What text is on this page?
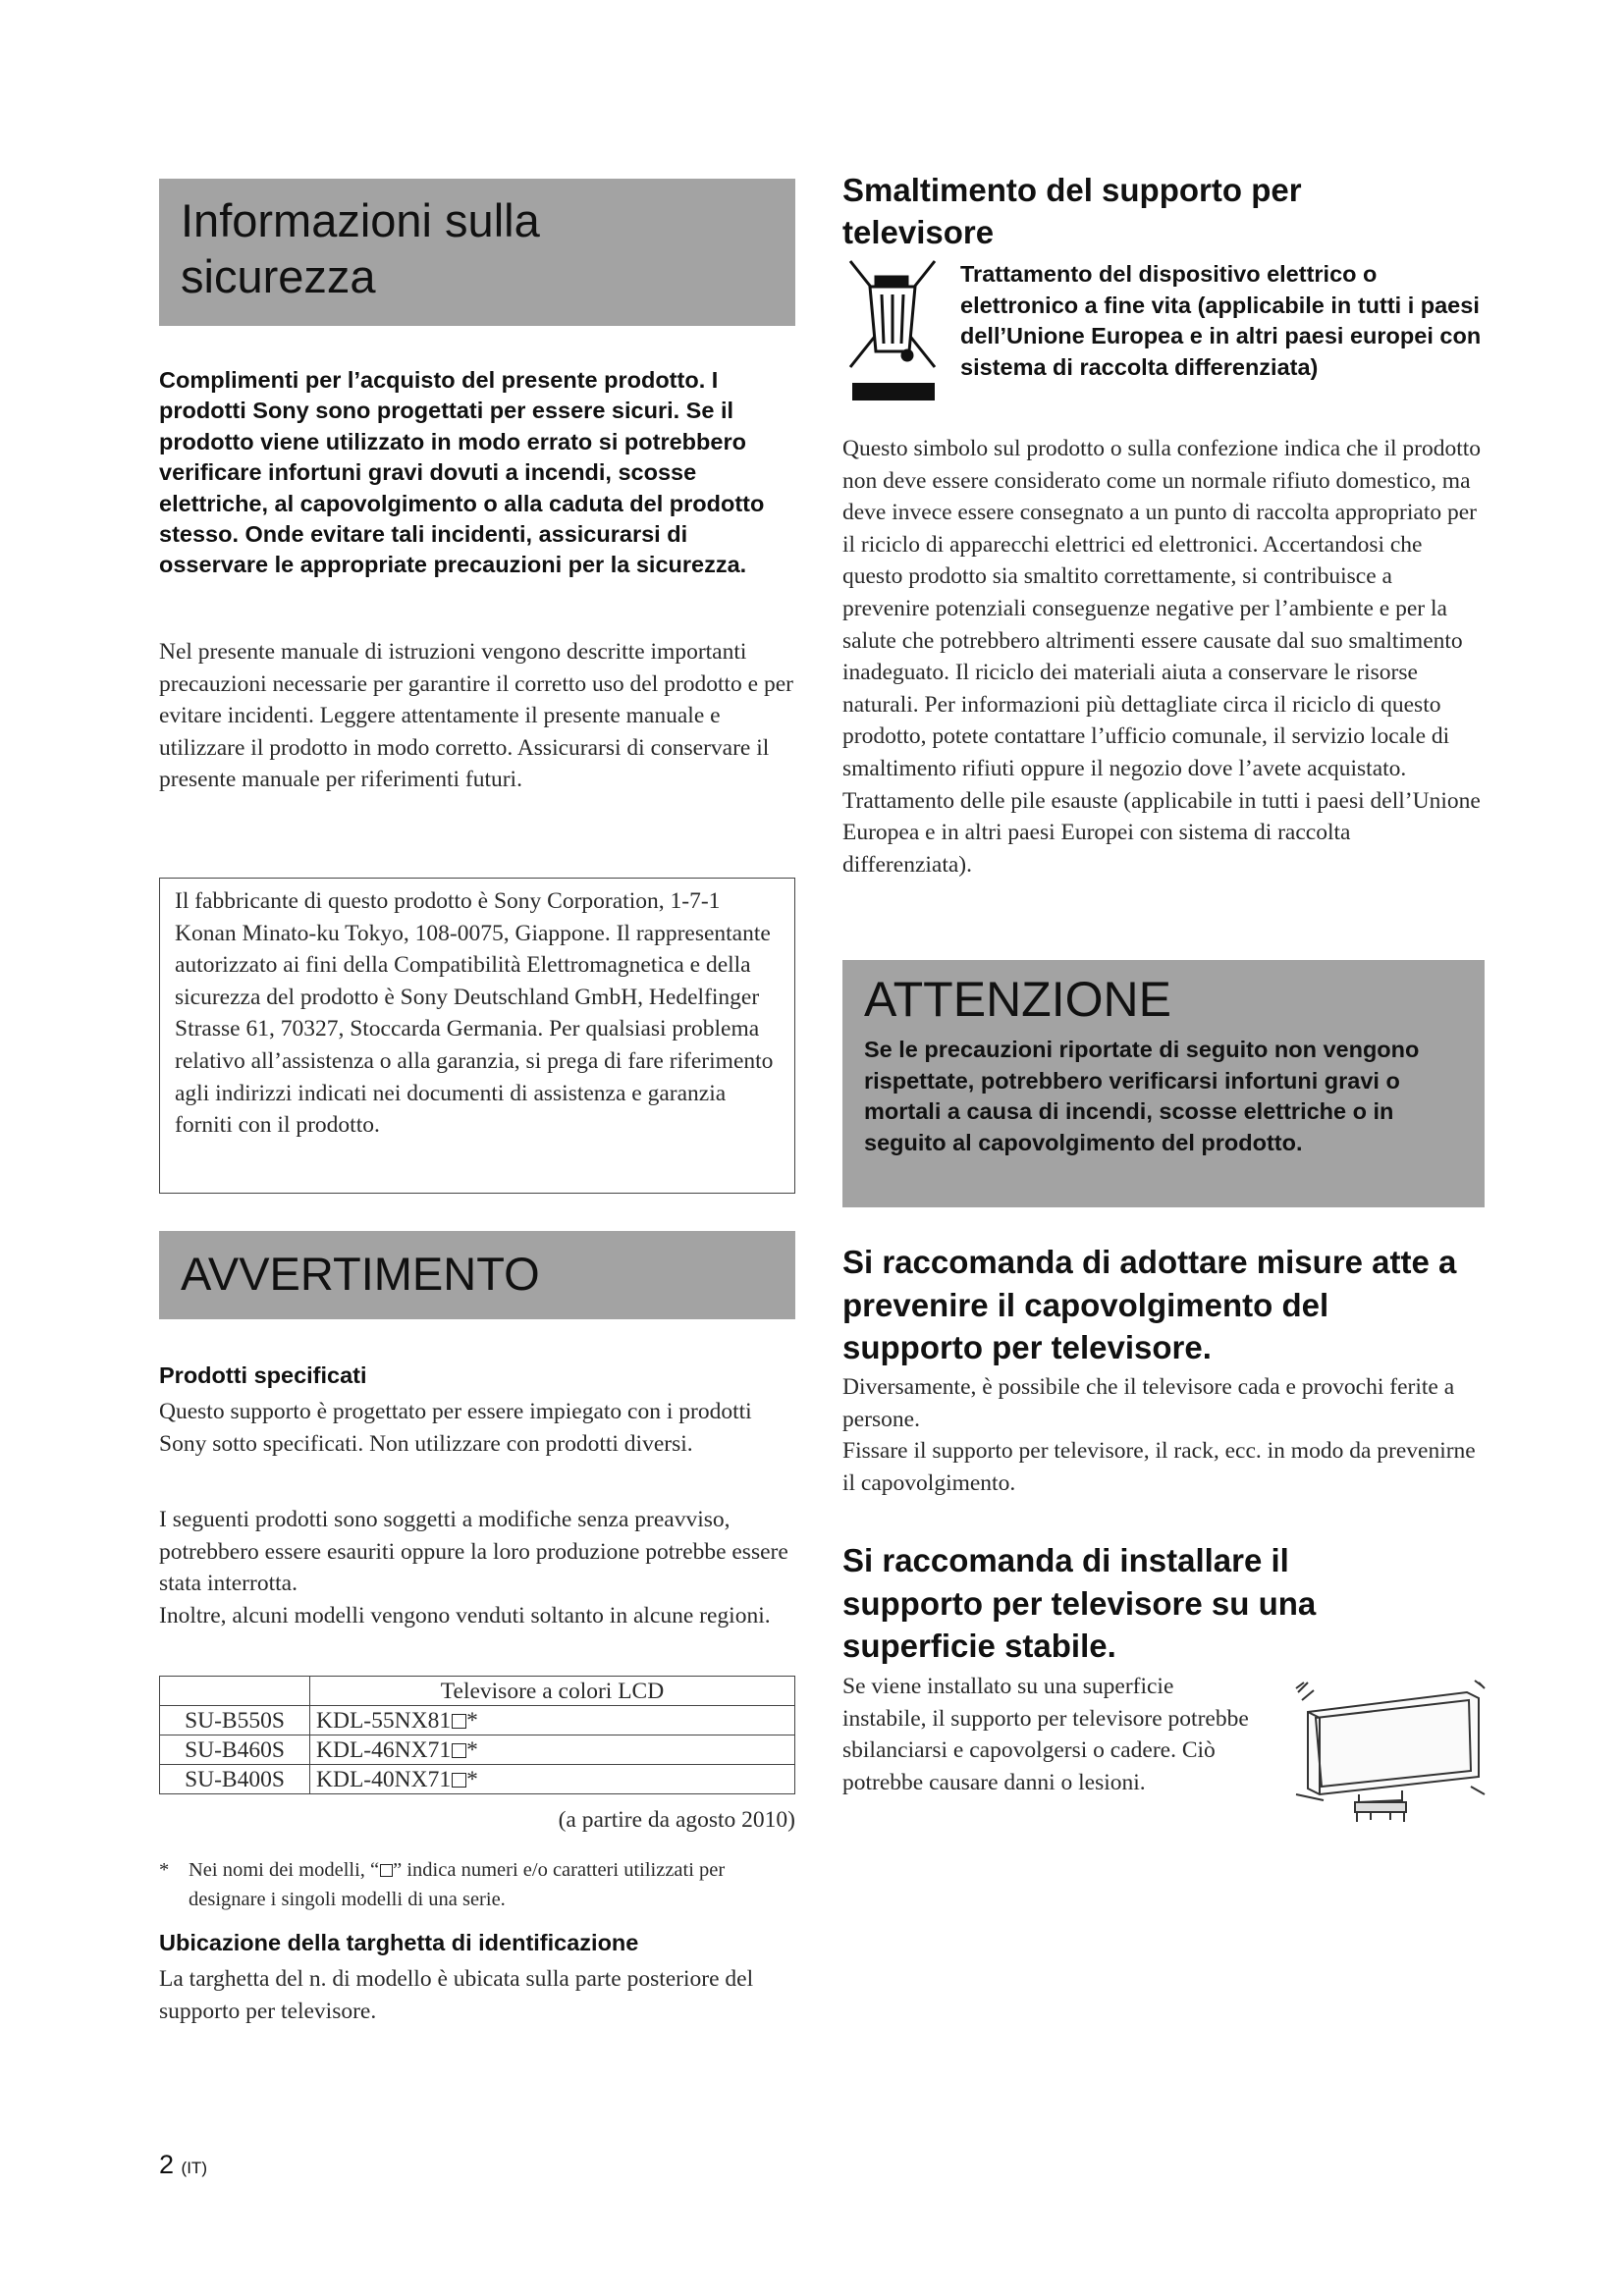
Informazioni sulla sicurezza

Complimenti per l’acquisto del presente prodotto. I prodotti Sony sono progettati per essere sicuri. Se il prodotto viene utilizzato in modo errato si potrebbero verificare infortuni gravi dovuti a incendi, scosse elettriche, al capovolgimento o alla caduta del prodotto stesso. Onde evitare tali incidenti, assicurarsi di osservare le appropriate precauzioni per la sicurezza.

Nel presente manuale di istruzioni vengono descritte importanti precauzioni necessarie per garantire il corretto uso del prodotto e per evitare incidenti. Leggere attentamente il presente manuale e utilizzare il prodotto in modo corretto. Assicurarsi di conservare il presente manuale per riferimenti futuri.

Il fabbricante di questo prodotto è Sony Corporation, 1-7-1 Konan Minato-ku Tokyo, 108-0075, Giappone. Il rappresentante autorizzato ai fini della Compatibilità Elettromagnetica e della sicurezza del prodotto è Sony Deutschland GmbH, Hedelfinger Strasse 61, 70327, Stoccarda Germania. Per qualsiasi problema relativo all’assistenza o alla garanzia, si prega di fare riferimento agli indirizzi indicati nei documenti di assistenza e garanzia forniti con il prodotto.

AVVERTIMENTO
Prodotti specificati

Questo supporto è progettato per essere impiegato con i prodotti Sony sotto specificati. Non utilizzare con prodotti diversi.

I seguenti prodotti sono soggetti a modifiche senza preavviso, potrebbero essere esauriti oppure la loro produzione potrebbe essere stata interrotta.

Inoltre, alcuni modelli vengono venduti soltanto in alcune regioni.

	Televisore a colori LCD
SU-B550S	KDL-55NX81 *
SU-B460S	KDL-46NX71 *
SU-B400S	KDL-40NX71 *

(a partire da agosto 2010)

* Nei nomi dei modelli, “ ” indica numeri e/o caratteri utilizzati per designare i singoli modelli di una serie.

Ubicazione della targhetta di identificazione

La targhetta del n. di modello è ubicata sulla parte posteriore del supporto per televisore.

2 (IT)
Smaltimento del supporto per televisore

Trattamento del dispositivo elettrico o elettronico a fine vita (applicabile in tutti i paesi dell’Unione Europea e in altri paesi europei con sistema di raccolta differenziata)

Questo simbolo sul prodotto o sulla confezione indica che il prodotto non deve essere considerato come un normale rifiuto domestico, ma deve invece essere consegnato a un punto di raccolta appropriato per il riciclo di apparecchi elettrici ed elettronici. Accertandosi che questo prodotto sia smaltito correttamente, si contribuisce a prevenire potenziali conseguenze negative per l’ambiente e per la salute che potrebbero altrimenti essere causate dal suo smaltimento inadeguato. Il riciclo dei materiali aiuta a conservare le risorse naturali. Per informazioni più dettagliate circa il riciclo di questo prodotto, potete contattare l’ufficio comunale, il servizio locale di smaltimento rifiuti oppure il negozio dove l’avete acquistato. Trattamento delle pile esauste (applicabile in tutti i paesi dell’Unione Europea e in altri paesi Europei con sistema di raccolta differenziata).

ATTENZIONE

Se le precauzioni riportate di seguito non vengono rispettate, potrebbero verificarsi infortuni gravi o mortali a causa di incendi, scosse elettriche o in seguito al capovolgimento del prodotto.

Si raccomanda di adottare misure atte a prevenire il capovolgimento del supporto per televisore.

Diversamente, è possibile che il televisore cada e provochi ferite a persone.

Fissare il supporto per televisore, il rack, ecc. in modo da prevenirne il capovolgimento.

Si raccomanda di installare il supporto per televisore su una superficie stabile.

Se viene installato su una superficie instabile, il supporto per televisore potrebbe sbilanciarsi e capovolgersi o cadere. Ciò potrebbe causare danni o lesioni.
